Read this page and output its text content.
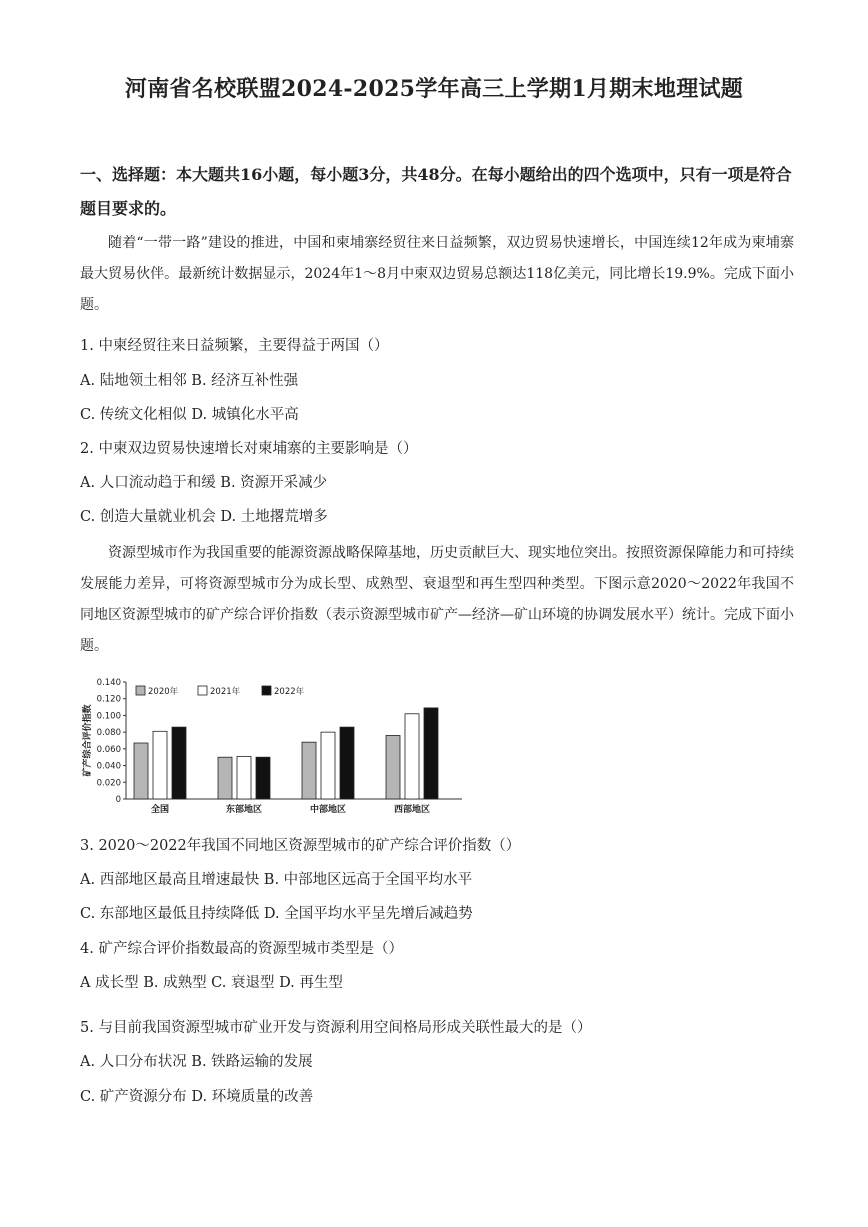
河南省名校联盟2024-2025学年高三上学期1月期末地理试题
一、选择题：本大题共16小题，每小题3分，共48分。在每小题给出的四个选项中，只有一项是符合题目要求的。
随着“一带一路”建设的推进，中国和柬埔寨经贸往来日益频繁，双边贸易快速增长，中国连续12年成为柬埔寨最大贸易伙伴。最新统计数据显示，2024年1～8月中柬双边贸易总额达118亿美元，同比增长19.9%。完成下面小题。
1. 中柬经贸往来日益频繁，主要得益于两国（）
A. 陆地领土相邻 B. 经济互补性强
C. 传统文化相似 D. 城镇化水平高
2. 中柬双边贸易快速增长对柬埔寨的主要影响是（）
A. 人口流动趋于和缓 B. 资源开采减少
C. 创造大量就业机会 D. 土地撂荒增多
资源型城市作为我国重要的能源资源战略保障基地，历史贡献巨大、现实地位突出。按照资源保障能力和可持续发展能力差异，可将资源型城市分为成长型、成熟型、衰退型和再生型四种类型。下图示意2020～2022年我国不同地区资源型城市的矿产综合评价指数（表示资源型城市矿产—经济—矿山环境的协调发展水平）统计。完成下面小题。
矿产综合评价指数
0
0.020
0.040
0.060
0.080
0.100
0.120
0.140
全国	东部地区	中部地区	西部地区
2020年	2021年	2022年
3. 2020～2022年我国不同地区资源型城市的矿产综合评价指数（）
A. 西部地区最高且增速最快 B. 中部地区远高于全国平均水平
C. 东部地区最低且持续降低 D. 全国平均水平呈先增后减趋势
4. 矿产综合评价指数最高的资源型城市类型是（）
A 成长型 B. 成熟型 C. 衰退型 D. 再生型
5. 与目前我国资源型城市矿业开发与资源利用空间格局形成关联性最大的是（）
A. 人口分布状况 B. 铁路运输的发展
C. 矿产资源分布 D. 环境质量的改善
